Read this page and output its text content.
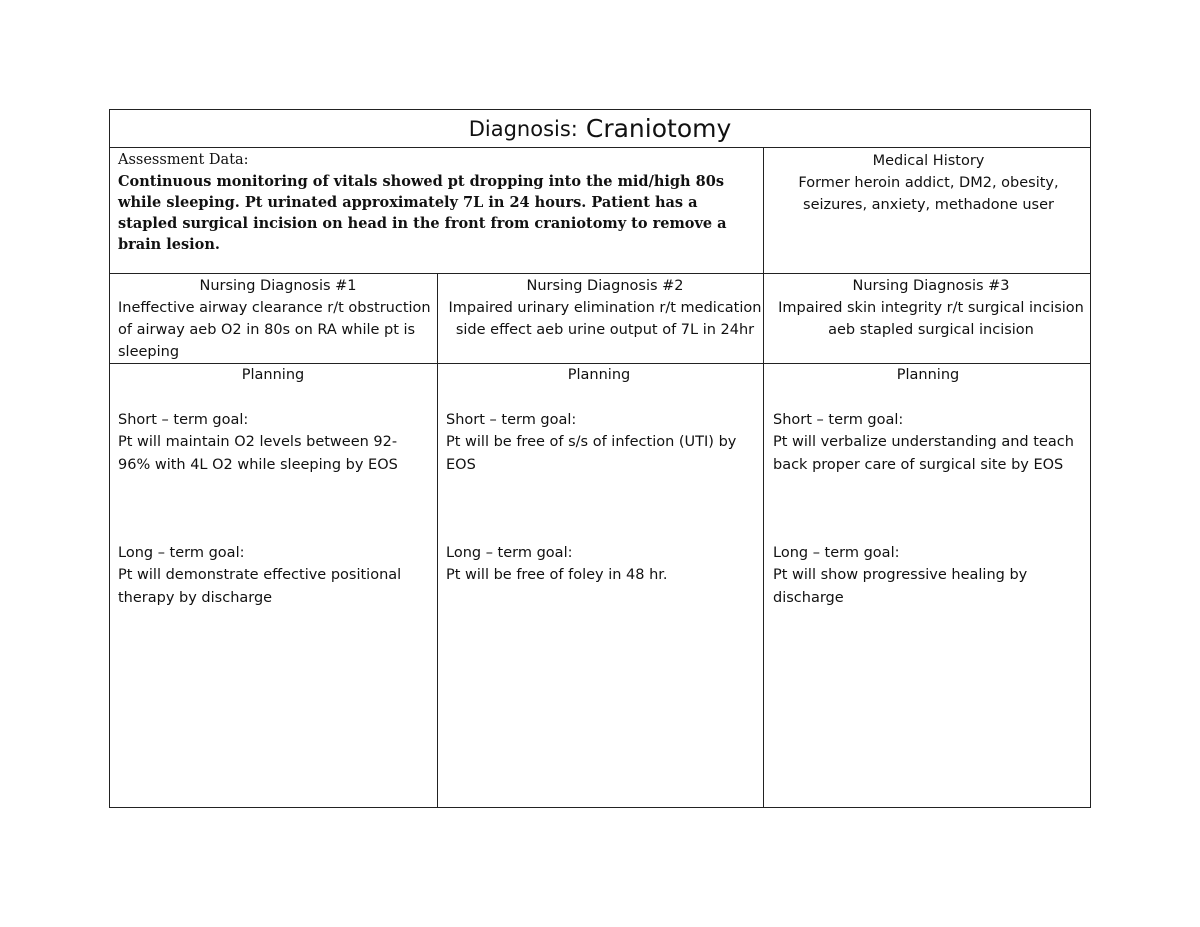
Diagnosis: Craniotomy
Assessment Data:
Continuous monitoring of vitals showed pt dropping into the mid/high 80s while sleeping. Pt urinated approximately 7L in 24 hours. Patient has a stapled surgical incision on head in the front from craniotomy to remove a brain lesion.
Medical History
Former heroin addict, DM2, obesity, seizures, anxiety, methadone user
Nursing Diagnosis #1
Ineffective airway clearance r/t obstruction of airway aeb O2 in 80s on RA while pt is sleeping
Nursing Diagnosis #2
Impaired urinary elimination r/t medication side effect aeb urine output of 7L in 24hr
Nursing Diagnosis #3
Impaired skin integrity r/t surgical incision aeb stapled surgical incision
Planning
Short – term goal:
Pt will maintain O2 levels between 92-96% with 4L O2 while sleeping by EOS
Long – term goal:
Pt will demonstrate effective positional therapy by discharge
Planning
Short – term goal:
Pt will be free of s/s of infection (UTI) by EOS
Long – term goal:
Pt will be free of foley in 48 hr.
Planning
Short – term goal:
Pt will verbalize understanding and teach back proper care of surgical site by EOS
Long – term goal:
Pt will show progressive healing by discharge
